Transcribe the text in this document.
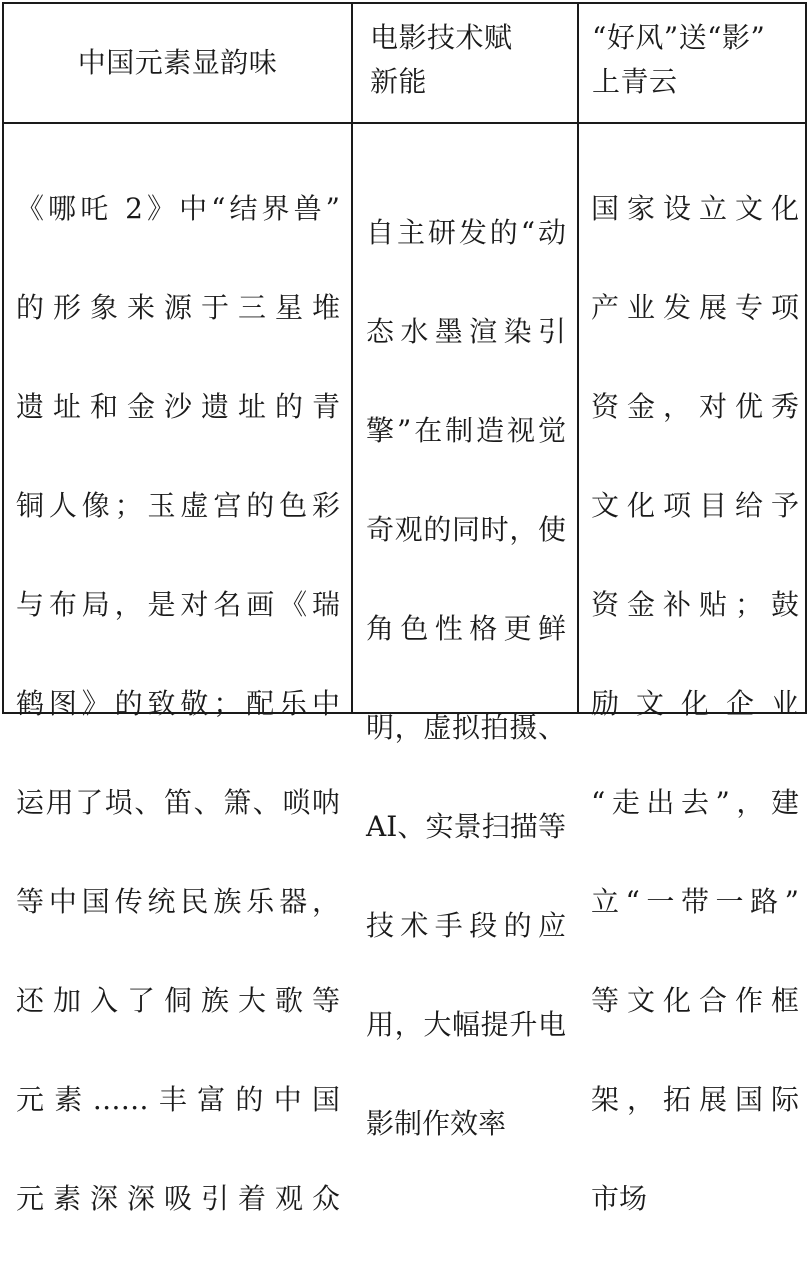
中国元素显韵味
电影技术赋
新能
“好风”送“影”
上青云

《哪吒 2》中“结界兽”

的形象来源于三星堆

遗址和金沙遗址的青

铜人像；玉虚宫的色彩

与布局，是对名画《瑞

鹤图》的致敬；配乐中

运用了埙、笛、箫、唢呐

等中国传统民族乐器，

还加入了侗族大歌等

元素……丰富的中国

元素深深吸引着观众

自主研发的“动

态水墨渲染引

擎”在制造视觉

奇观的同时，使

角色性格更鲜

明，虚拟拍摄、

AI、实景扫描等

技术手段的应

用，大幅提升电

影制作效率

国家设立文化

产业发展专项

资金，对优秀

文化项目给予

资金补贴；鼓

励文化企业

“走出去”，建

立“一带一路”

等文化合作框

架，拓展国际

市场
